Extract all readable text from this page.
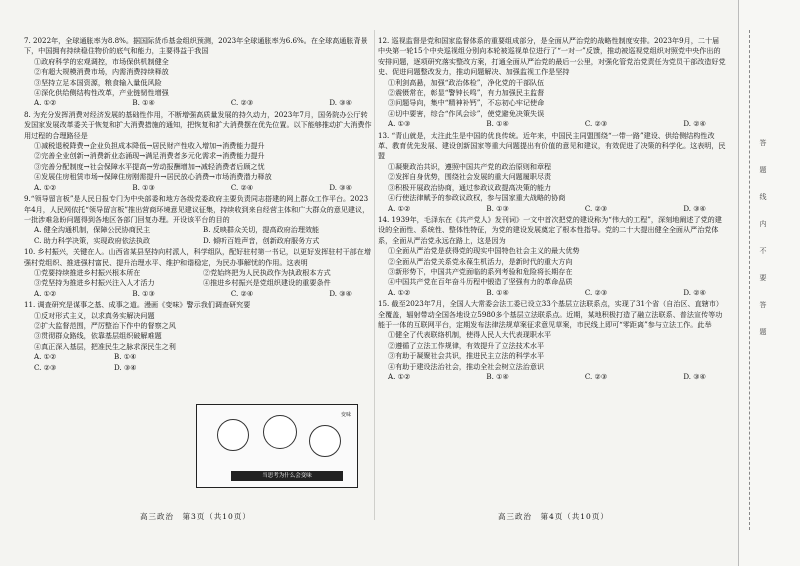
7. 2022年，全球通胀率为8.8%。据国际货币基金组织预测，2023年全球通胀率为6.6%。在全球高通胀背景下，中国拥有持续稳住物价的底气和能力，主要得益于我国
①政府科学的宏观调控，市场保供机制健全
②有超大规模消费市场，内需消费持续释放
③坚持立足本国资源，粮食输入量低风险
④深化供给侧结构性改革，产业链韧性增强
A. ①②	B. ①④	C. ②③	D. ③④
8. 为充分发挥消费对经济发展的基础性作用，不断增强高质量发展的持久动力，2023年7月，国务院办公厅转发国家发展改革委关于恢复和扩大消费措施的通知，把恢复和扩大消费摆在优先位置。以下能够推动扩大消费作用过程的合理路径是
①减税退税降费→企业负担成本降低→居民财产性收入增加→消费能力提升
②完善全业创新→消费新业态涌现→满足消费者多元化需求→消费能力提升
③完善分配制度→社会保障水平提高→劳动报酬增加→减轻消费者后顾之忧
④发展住房租赁市场→保障住房刚需提升→居民放心消费→市场消费潜力释放
A. ①②	B. ①③	C. ②④	D. ③④
9.“领导留言板”是人民日报专门为中央部委和地方各级党委政府主要负责同志搭建的网上群众工作平台。2023年4月，人民网依托“领导留言板”推出营商环境意见建议征集，持续收到来自经营主体和广大群众的意见建议，一批涉难急盼问题得到各地区各部门回复办理。开设该平台的目的
A. 健全沟通机制，保障公民协商民主	B. 反映群众关切，提高政府治理效能
C. 助力科学决策，实现政府依法执政	D. 倾听百姓声音，创新政府服务方式
10. 乡村振兴，关键在人。山西省某县坚持向村派人，科学组队，配好驻村第一书记，以更好发挥驻村干部在增强村党组织、推进强村富民、提升治理水平、维护和谐稳定，为民办事解忧的作用。这表明
①党要持续推进乡村振兴根本所在	②党始终把为人民执政作为执政根本方式
③党坚持为推进乡村振兴注入人才活力	④推进乡村振兴是党组织建设的重要条件
A. ①②	B. ①③	C. ②④	D. ③④
11. 调查研究是谋事之基、成事之道。漫画《变味》警示我们调查研究要
①反对形式主义，以求真务实解决问题
②扩大监督范围，严厉整治下作中的督察之风
③贯彻群众路线，依靠基层组织破解难题
④真正深入基层，把准民生之脉求深民生之利
A. ①②	B. ①④
C. ②③	D. ③④
变味
当思考为什么会变味
高三政治　第3页（共10页）
12. 巡视监督是党和国家监督体系的重要组成部分，是全面从严治党的战略性制度安排。2023年9月，二十届中央第一轮15个中央巡视组分别向本轮被巡视单位进行了“一对一”反馈，推动被巡视党组织对照党中央作出的安排问题，逐项研究落实整改方案，打通全面从严治党的最后一公里，对强化管党治党责任为党员干部改造好党史、促进问题整改发力，推动问题解决、加强监视工作是坚持
①利剑高悬，加强“政治体检”，净化党的干部队伍
②震慑常在，彰显“警钟长鸣”，有力加强民主监督
③问题导向，集中“精神补钙”，不忘初心牢记使命
④切中要害，综合“作风会诊”，使党避免决策失误
A. ①③	B. ①④	C. ②③	D. ②④
13. “青山就是，太注此生是中国的优良传统。近年来，中国民主同盟围绕“一带一路”建设、供给侧结构性改革、教育优先发展、建设创新国家等重大问题提出有价值的意见和建议，有效促进了决策的科学化。这表明，民盟
①凝聚政治共识，遵照中国共产党的政治原则和章程
②发挥自身优势，围绕社会发展的重大问题履职尽责
③积极开展政治协商，通过参政议政提高决策的能力
④行使法律赋予的参政议政权，参与国家重大战略的协商
A. ①②	B. ①③	C. ②③	D. ③④
14. 1939年，毛泽东在《共产党人》发刊词》一文中首次把党的建设称为“伟大的工程”，深刻地阐述了党的建设的全面性、系统性、整体性特征，为党的建设发展奠定了根本性指导。党的二十大提出健全全面从严治党体系，全面从严治党永远在路上，这是因为
①全面从严治党是获得党的现实中国特色社会主义的最大优势
②全面从严治党关系党永葆生机活力，是新时代的重大方向
③新形势下，中国共产党面临的系列考验和危险将长期存在
④中国共产党在百年奋斗历程中锻造了坚强有力的革命品质
A. ①②	B. ①④	C. ②③	D. ②④
15. 截至2023年7月，全国人大常委会法工委已设立33个基层立法联系点，实现了31个省（自治区、直辖市）全覆盖，辐射带动全国各地设立5980多个基层立法联系点。近期，某地积极打造了融立法联系、普法宣传等功能于一体的互联网平台，定期发布法律法规草案征求意见草案，市民线上即可“零距离”参与立法工作。此举
①健全了代表联络机制，使得人民人大代表现职水平
②遵循了立法工作规律，有效提升了立法技术水平
③有助于凝聚社会共识，推进民主立法的科学水平
④有助于建设法治社会，推动全社会树立法治意识
A. ①②	B. ①④	C. ②③	D. ③④
高三政治　第4页（共10页）
答题线内不要答题
